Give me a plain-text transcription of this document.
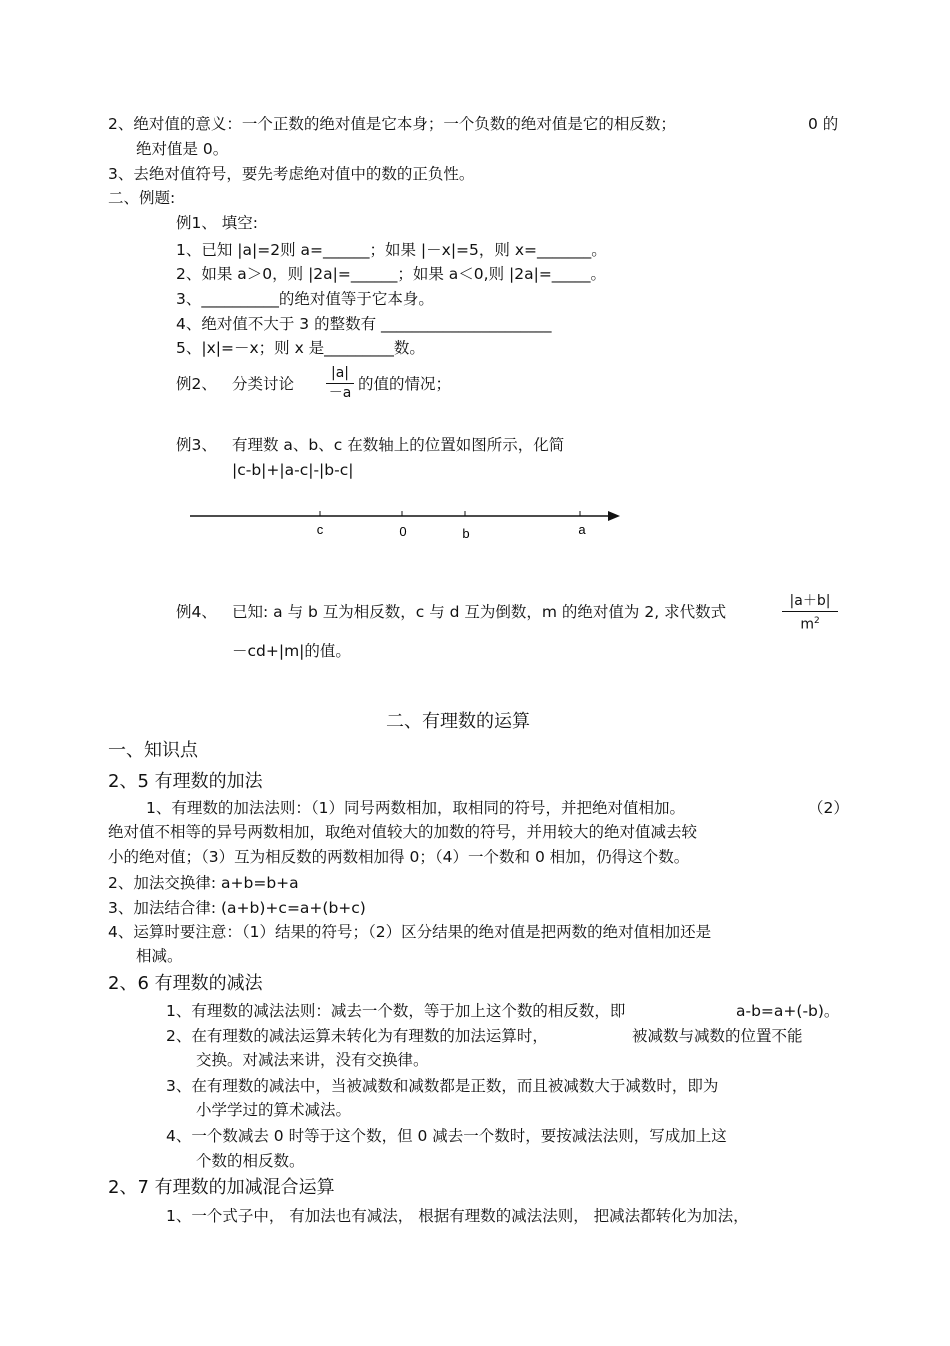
2、绝对值的意义：一个正数的绝对值是它本身；一个负数的绝对值是它的相反数；	0 的
绝对值是 0。
3、去绝对值符号，要先考虑绝对值中的数的正负性。
二、例题:
例1、 填空:
1、已知 |a|=2则 a=______；如果 |－x|=5，则 x=_______。
2、如果 a＞0，则 |2a|=______；如果 a＜0,则 |2a|=_____。
3、__________的绝对值等于它本身。
4、绝对值不大于 3 的整数有 ______________________
5、|x|=－x；则 x 是_________数。
例2、 分类讨论 $\frac{|a|}{-a}$ 的值的情况；
例3、 有理数 a、b、c 在数轴上的位置如图所示，化简
|c-b|+|a-c|-|b-c|
c	0	b	a
例4、 已知: a 与 b 互为相反数，c 与 d 互为倒数，m 的绝对值为 2, 求代数式	$\frac{|a+b|}{m^2}$
－cd+|m|的值。
二、有理数的运算
一、知识点
2、5 有理数的加法
1、有理数的加法法则：（1）同号两数相加，取相同的符号，并把绝对值相加。	（2）
绝对值不相等的异号两数相加，取绝对值较大的加数的符号，并用较大的绝对值减去较
小的绝对值；（3）互为相反数的两数相加得 0；（4）一个数和 0 相加，仍得这个数。
2、加法交换律: a+b=b+a
3、加法结合律: (a+b)+c=a+(b+c)
4、运算时要注意：（1）结果的符号；（2）区分结果的绝对值是把两数的绝对值相加还是
相减。
2、6 有理数的减法
1、有理数的减法法则：减去一个数，等于加上这个数的相反数，即	a-b=a+(-b)。
2、在有理数的减法运算未转化为有理数的加法运算时，	被减数与减数的位置不能
交换。对减法来讲，没有交换律。
3、在有理数的减法中，当被减数和减数都是正数，而且被减数大于减数时，即为
小学学过的算术减法。
4、一个数减去 0 时等于这个数，但 0 减去一个数时，要按减法法则，写成加上这
个数的相反数。
2、7 有理数的加减混合运算
1、一个式子中， 有加法也有减法， 根据有理数的减法法则， 把减法都转化为加法，
